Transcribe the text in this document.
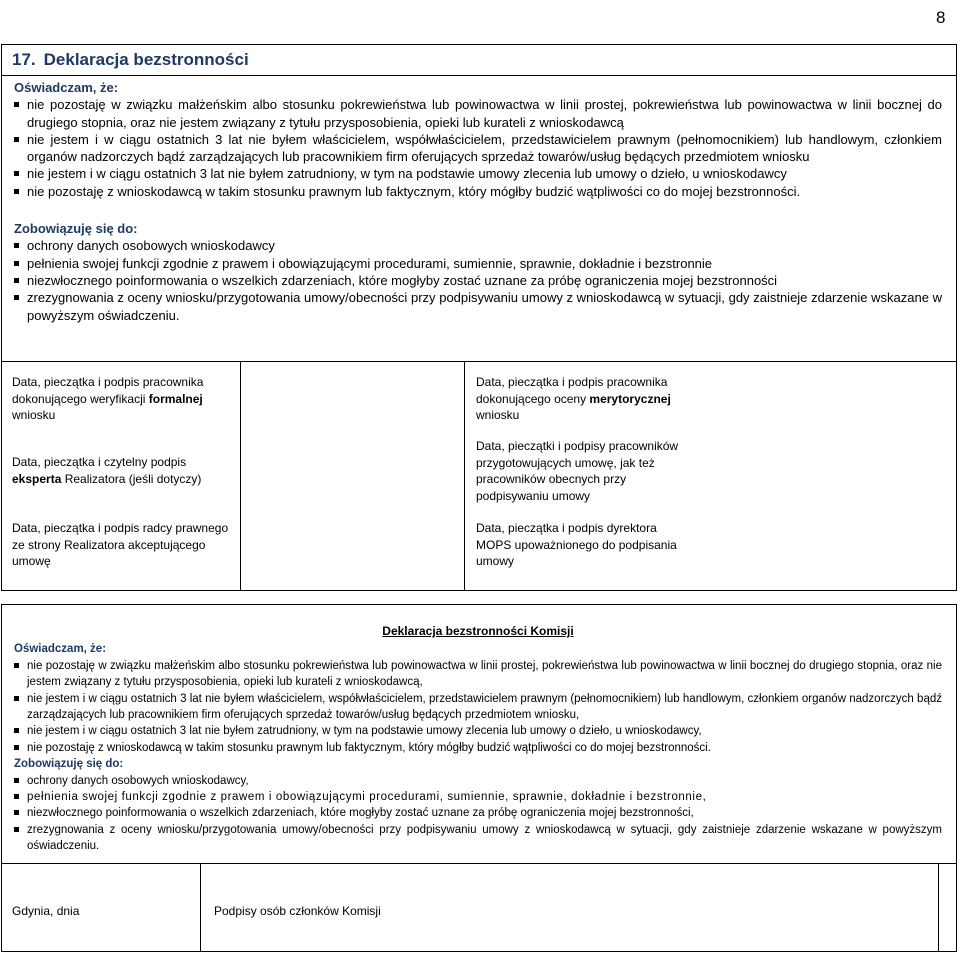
8
17. Deklaracja bezstronności
Oświadczam, że:
nie pozostaję w związku małżeńskim albo stosunku pokrewieństwa lub powinowactwa w linii prostej, pokrewieństwa lub powinowactwa w linii bocznej do drugiego stopnia, oraz nie jestem związany z tytułu przysposobienia, opieki lub kurateli z wnioskodawcą
nie jestem i w ciągu ostatnich 3 lat nie byłem właścicielem, współwłaścicielem, przedstawicielem prawnym (pełnomocnikiem) lub handlowym, członkiem organów nadzorczych bądź zarządzających lub pracownikiem firm oferujących sprzedaż towarów/usług będących przedmiotem wniosku
nie jestem i w ciągu ostatnich 3 lat nie byłem zatrudniony, w tym na podstawie umowy zlecenia lub umowy o dzieło, u wnioskodawcy
nie pozostaję z wnioskodawcą w takim stosunku prawnym lub faktycznym, który mógłby budzić wątpliwości co do mojej bezstronności.
Zobowiązuję się do:
ochrony danych osobowych wnioskodawcy
pełnienia swojej funkcji zgodnie z prawem i obowiązującymi procedurami, sumiennie, sprawnie, dokładnie i bezstronnie
niezwłocznego poinformowania o wszelkich zdarzeniach, które mogłyby zostać uznane za próbę ograniczenia mojej bezstronności
zrezygnowania z oceny wniosku/przygotowania umowy/obecności przy podpisywaniu umowy z wnioskodawcą w sytuacji, gdy zaistnieje zdarzenie wskazane w powyższym oświadczeniu.
Data, pieczątka i podpis pracownika dokonującego weryfikacji formalnej wniosku
Data, pieczątka i czytelny podpis eksperta Realizatora (jeśli dotyczy)
Data, pieczątka i podpis radcy prawnego ze strony Realizatora akceptującego umowę
Data, pieczątka i podpis pracownika dokonującego oceny merytorycznej wniosku
Data, pieczątki i podpisy pracowników przygotowujących umowę, jak też pracowników obecnych przy podpisywaniu umowy
Data, pieczątka i podpis dyrektora MOPS upoważnionego do podpisania umowy
Deklaracja bezstronności Komisji
Oświadczam, że:
nie pozostaję w związku małżeńskim albo stosunku pokrewieństwa lub powinowactwa w linii prostej, pokrewieństwa lub powinowactwa w linii bocznej do drugiego stopnia, oraz nie jestem związany z tytułu przysposobienia, opieki lub kurateli z wnioskodawcą,
nie jestem i w ciągu ostatnich 3 lat nie byłem właścicielem, współwłaścicielem, przedstawicielem prawnym (pełnomocnikiem) lub handlowym, członkiem organów nadzorczych bądź zarządzających lub pracownikiem firm oferujących sprzedaż towarów/usług będących przedmiotem wniosku,
nie jestem i w ciągu ostatnich 3 lat nie byłem zatrudniony, w tym na podstawie umowy zlecenia lub umowy o dzieło, u wnioskodawcy,
nie pozostaję z wnioskodawcą w takim stosunku prawnym lub faktycznym, który mógłby budzić wątpliwości co do mojej bezstronności.
Zobowiązuję się do:
ochrony danych osobowych wnioskodawcy,
pełnienia swojej funkcji zgodnie z prawem i obowiązującymi procedurami, sumiennie, sprawnie, dokładnie i bezstronnie,
niezwłocznego poinformowania o wszelkich zdarzeniach, które mogłyby zostać uznane za próbę ograniczenia mojej bezstronności,
zrezygnowania z oceny wniosku/przygotowania umowy/obecności przy podpisywaniu umowy z wnioskodawcą w sytuacji, gdy zaistnieje zdarzenie wskazane w powyższym oświadczeniu.
Gdynia, dnia	Podpisy osób członków Komisji
